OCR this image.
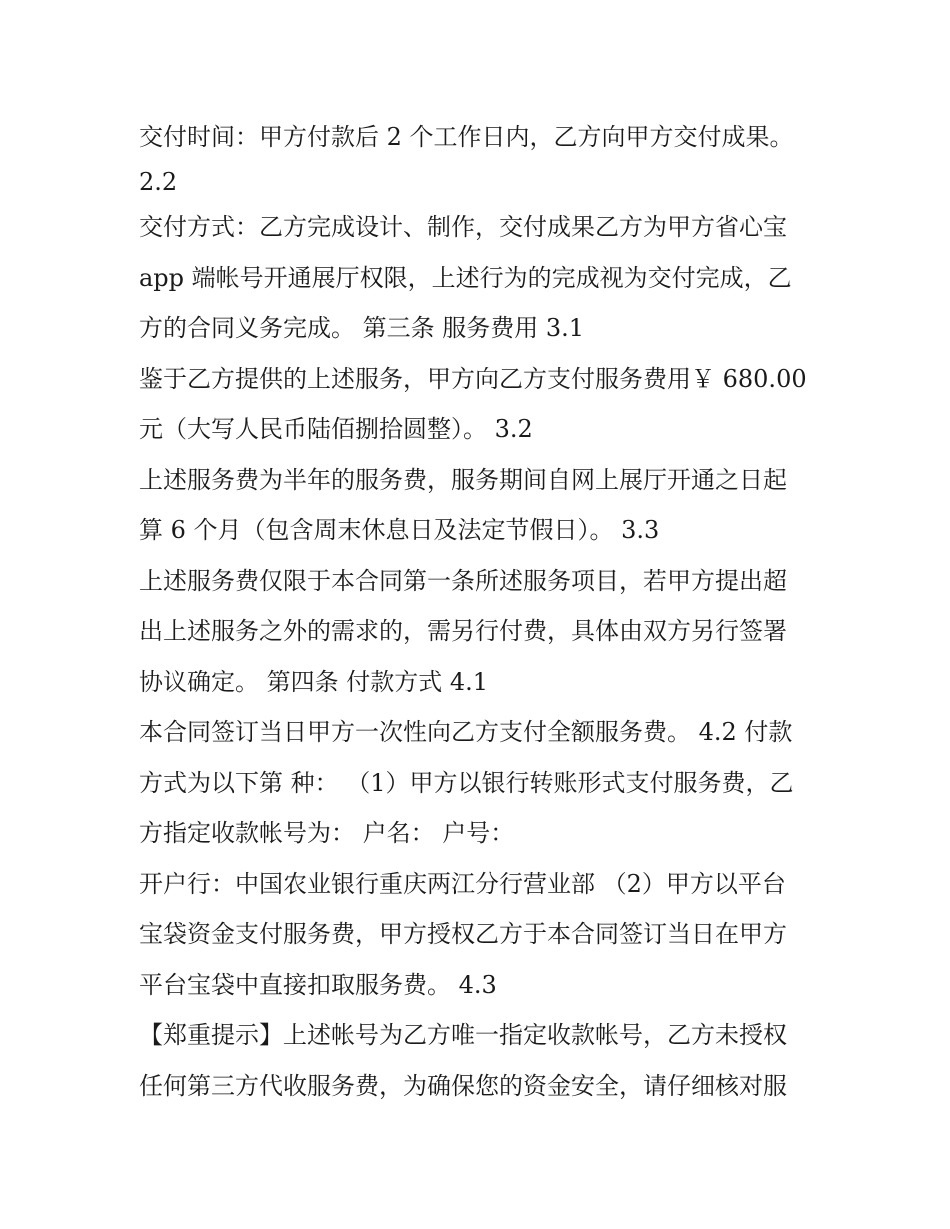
交付时间：甲方付款后 2 个工作日内，乙方向甲方交付成果。
2.2
交付方式：乙方完成设计、制作，交付成果乙方为甲方省心宝
app 端帐号开通展厅权限，上述行为的完成视为交付完成，乙
方的合同义务完成。 第三条 服务费用 3.1
鉴于乙方提供的上述服务，甲方向乙方支付服务费用￥ 680.00
元（大写人民币陆佰捌拾圆整）。 3.2
上述服务费为半年的服务费，服务期间自网上展厅开通之日起
算 6 个月（包含周末休息日及法定节假日）。 3.3
上述服务费仅限于本合同第一条所述服务项目，若甲方提出超
出上述服务之外的需求的，需另行付费，具体由双方另行签署
协议确定。 第四条 付款方式 4.1
本合同签订当日甲方一次性向乙方支付全额服务费。 4.2 付款
方式为以下第 种： （1）甲方以银行转账形式支付服务费，乙
方指定收款帐号为： 户名： 户号：
开户行：中国农业银行重庆两江分行营业部 （2）甲方以平台
宝袋资金支付服务费，甲方授权乙方于本合同签订当日在甲方
平台宝袋中直接扣取服务费。 4.3
【郑重提示】上述帐号为乙方唯一指定收款帐号，乙方未授权
任何第三方代收服务费，为确保您的资金安全，请仔细核对服
